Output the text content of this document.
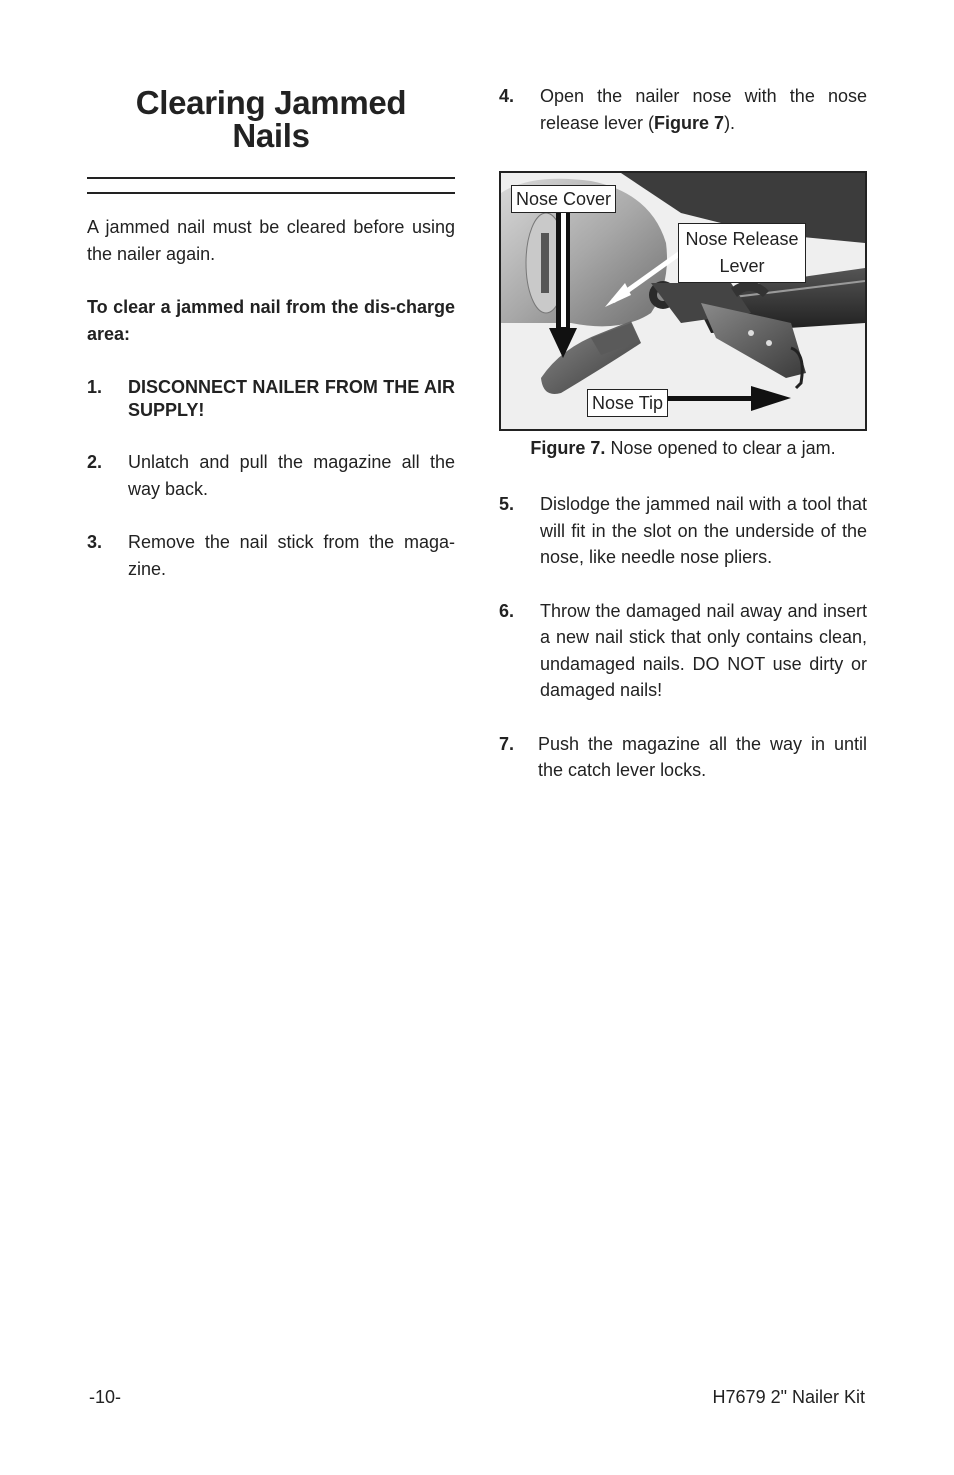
Clearing Jammed
Nails

A jammed nail must be cleared before using the nailer again.

To clear a jammed nail from the dis-charge area:

1.	DISCONNECT NAILER FROM THE AIR SUPPLY!
2.	Unlatch and pull the magazine all the way back.
3.	Remove the nail stick from the maga-zine.
4.	Open the nailer nose with the nose release lever (Figure 7).
Nose Cover
Nose Release
Lever
Nose Tip
Figure 7. Nose opened to clear a jam.
5.	Dislodge the jammed nail with a tool that will fit in the slot on the underside of the nose, like needle nose pliers.
6.	Throw the damaged nail away and insert a new nail stick that only contains clean, undamaged nails. DO NOT use dirty or damaged nails!
7.	Push the magazine all the way in until the catch lever locks.
-10-	H7679 2" Nailer Kit
